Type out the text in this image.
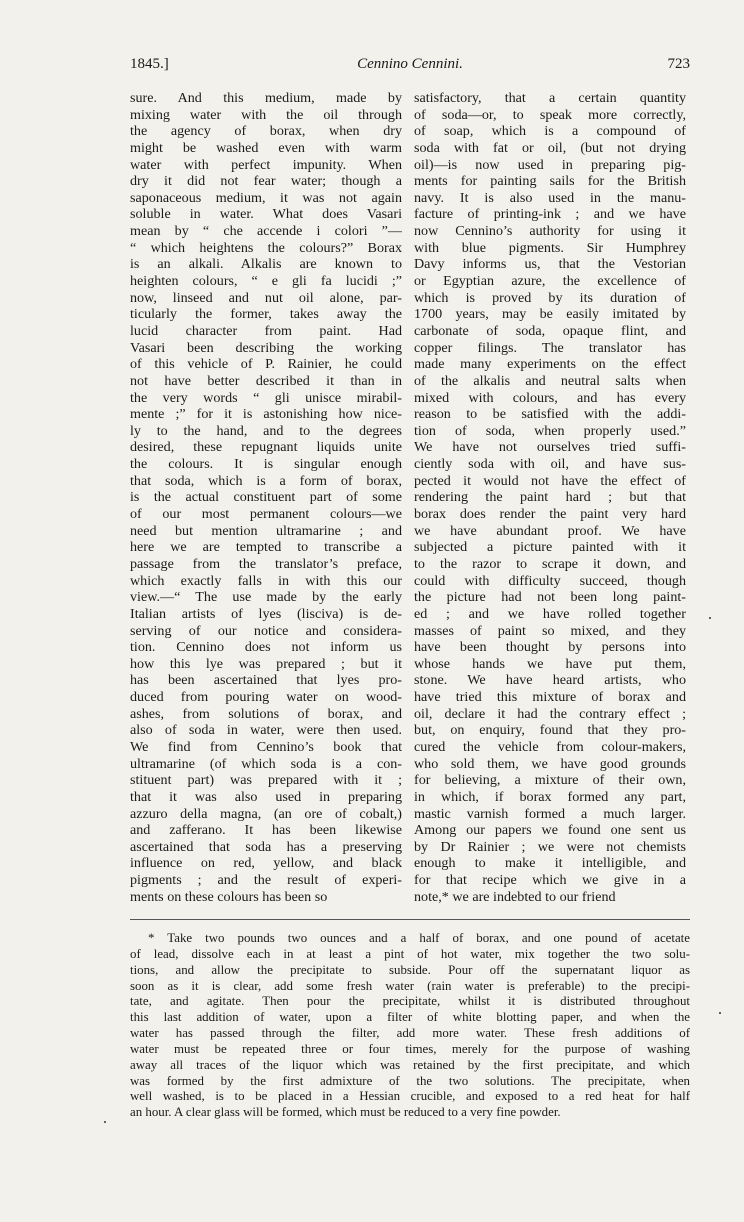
1845.]	Cennino Cennini.	723
sure. And this medium, made by
mixing water with the oil through
the agency of borax, when dry
might be washed even with warm
water with perfect impunity. When
dry it did not fear water; though a
saponaceous medium, it was not again
soluble in water. What does Vasari
mean by “ che accende i colori ”—
“ which heightens the colours?” Borax
is an alkali. Alkalis are known to
heighten colours, “ e gli fa lucidi ;”
now, linseed and nut oil alone, par-
ticularly the former, takes away the
lucid character from paint. Had
Vasari been describing the working
of this vehicle of P. Rainier, he could
not have better described it than in
the very words “ gli unisce mirabil-
mente ;” for it is astonishing how nice-
ly to the hand, and to the degrees
desired, these repugnant liquids unite
the colours. It is singular enough
that soda, which is a form of borax,
is the actual constituent part of some
of our most permanent colours—we
need but mention ultramarine ; and
here we are tempted to transcribe a
passage from the translator’s preface,
which exactly falls in with this our
view.—“ The use made by the early
Italian artists of lyes (lisciva) is de-
serving of our notice and considera-
tion. Cennino does not inform us
how this lye was prepared ; but it
has been ascertained that lyes pro-
duced from pouring water on wood-
ashes, from solutions of borax, and
also of soda in water, were then used.
We find from Cennino’s book that
ultramarine (of which soda is a con-
stituent part) was prepared with it ;
that it was also used in preparing
azzuro della magna, (an ore of cobalt,)
and zafferano. It has been likewise
ascertained that soda has a preserving
influence on red, yellow, and black
pigments ; and the result of experi-
ments on these colours has been so
satisfactory, that a certain quantity
of soda—or, to speak more correctly,
of soap, which is a compound of
soda with fat or oil, (but not drying
oil)—is now used in preparing pig-
ments for painting sails for the British
navy. It is also used in the manu-
facture of printing-ink ; and we have
now Cennino’s authority for using it
with blue pigments. Sir Humphrey
Davy informs us, that the Vestorian
or Egyptian azure, the excellence of
which is proved by its duration of
1700 years, may be easily imitated by
carbonate of soda, opaque flint, and
copper filings. The translator has
made many experiments on the effect
of the alkalis and neutral salts when
mixed with colours, and has every
reason to be satisfied with the addi-
tion of soda, when properly used.”
We have not ourselves tried suffi-
ciently soda with oil, and have sus-
pected it would not have the effect of
rendering the paint hard ; but that
borax does render the paint very hard
we have abundant proof. We have
subjected a picture painted with it
to the razor to scrape it down, and
could with difficulty succeed, though
the picture had not been long paint-
ed ; and we have rolled together
masses of paint so mixed, and they
have been thought by persons into
whose hands we have put them,
stone. We have heard artists, who
have tried this mixture of borax and
oil, declare it had the contrary effect ;
but, on enquiry, found that they pro-
cured the vehicle from colour-makers,
who sold them, we have good grounds
for believing, a mixture of their own,
in which, if borax formed any part,
mastic varnish formed a much larger.
Among our papers we found one sent us
by Dr Rainier ; we were not chemists
enough to make it intelligible, and
for that recipe which we give in a
note,* we are indebted to our friend
* Take two pounds two ounces and a half of borax, and one pound of acetate
of lead, dissolve each in at least a pint of hot water, mix together the two solu-
tions, and allow the precipitate to subside. Pour off the supernatant liquor as
soon as it is clear, add some fresh water (rain water is preferable) to the precipi-
tate, and agitate. Then pour the precipitate, whilst it is distributed throughout
this last addition of water, upon a filter of white blotting paper, and when the
water has passed through the filter, add more water. These fresh additions of
water must be repeated three or four times, merely for the purpose of washing
away all traces of the liquor which was retained by the first precipitate, and which
was formed by the first admixture of the two solutions. The precipitate, when
well washed, is to be placed in a Hessian crucible, and exposed to a red heat for half
an hour. A clear glass will be formed, which must be reduced to a very fine powder.
